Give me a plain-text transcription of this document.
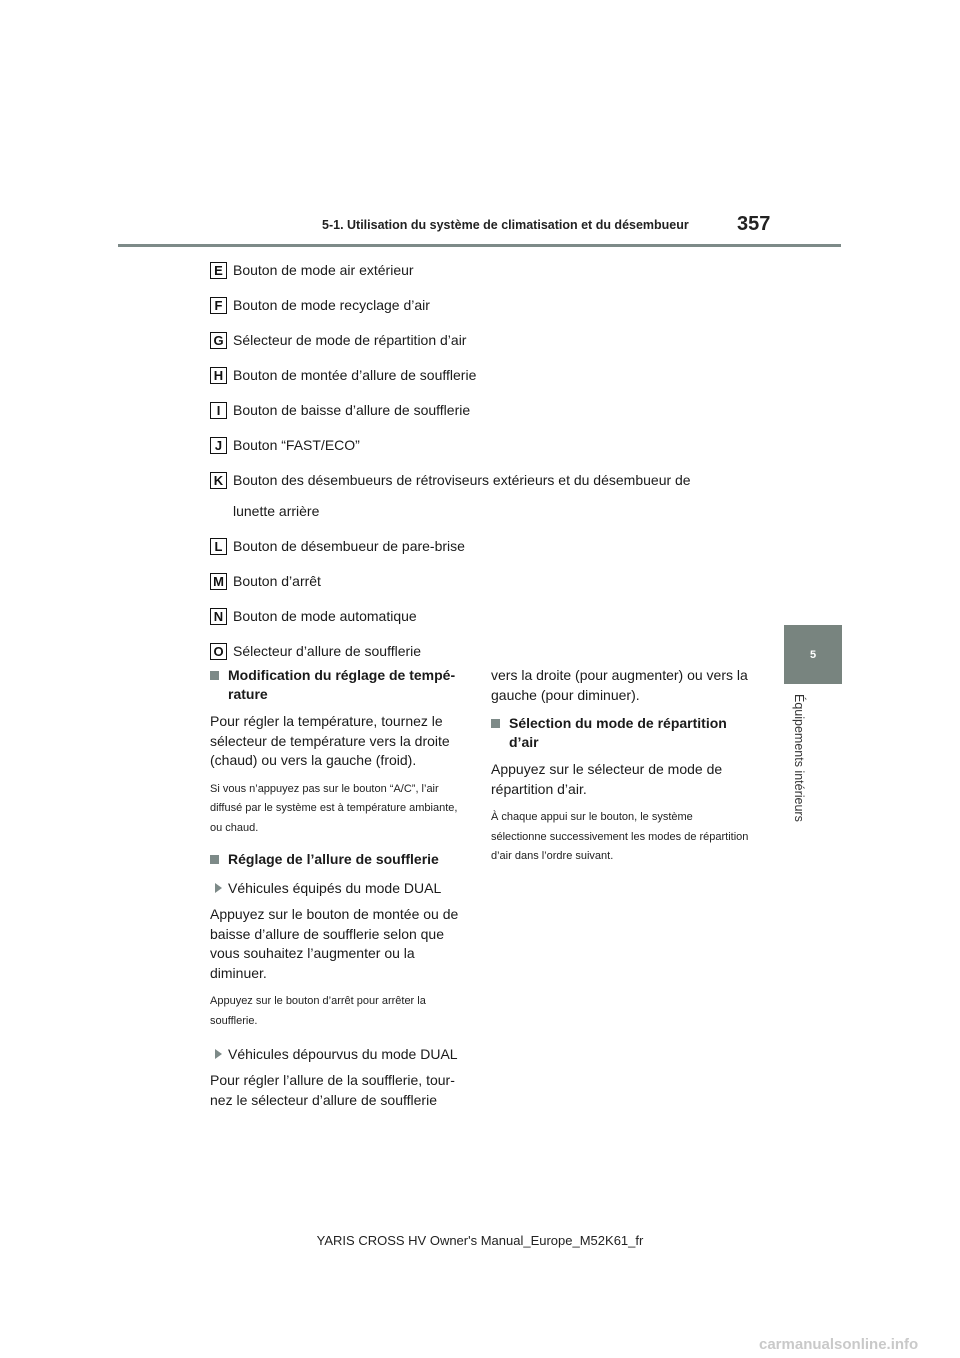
5-1. Utilisation du système de climatisation et du désembueur 357
5
Équipements intérieurs
E Bouton de mode air extérieur
F Bouton de mode recyclage d’air
G Sélecteur de mode de répartition d’air
H Bouton de montée d’allure de soufflerie
I Bouton de baisse d’allure de soufflerie
J Bouton “FAST/ECO”
K Bouton des désembueurs de rétroviseurs extérieurs et du désembueur de lunette arrière
L Bouton de désembueur de pare-brise
M Bouton d’arrêt
N Bouton de mode automatique
O Sélecteur d’allure de soufflerie

Modification du réglage de tempé-rature

Pour régler la température, tournez le sélecteur de température vers la droite (chaud) ou vers la gauche (froid).

Si vous n’appuyez pas sur le bouton “A/C”, l’air diffusé par le système est à température ambiante, ou chaud.

Réglage de l’allure de soufflerie

Véhicules équipés du mode DUAL

Appuyez sur le bouton de montée ou de baisse d’allure de soufflerie selon que vous souhaitez l’augmenter ou la diminuer.

Appuyez sur le bouton d’arrêt pour arrêter la soufflerie.

Véhicules dépourvus du mode DUAL

Pour régler l’allure de la soufflerie, tour-nez le sélecteur d’allure de soufflerie

vers la droite (pour augmenter) ou vers la gauche (pour diminuer).

Sélection du mode de répartition d’air

Appuyez sur le sélecteur de mode de répartition d’air.

À chaque appui sur le bouton, le système sélectionne successivement les modes de répartition d’air dans l’ordre suivant.

YARIS CROSS HV Owner's Manual_Europe_M52K61_fr
carmanualsonline.info
